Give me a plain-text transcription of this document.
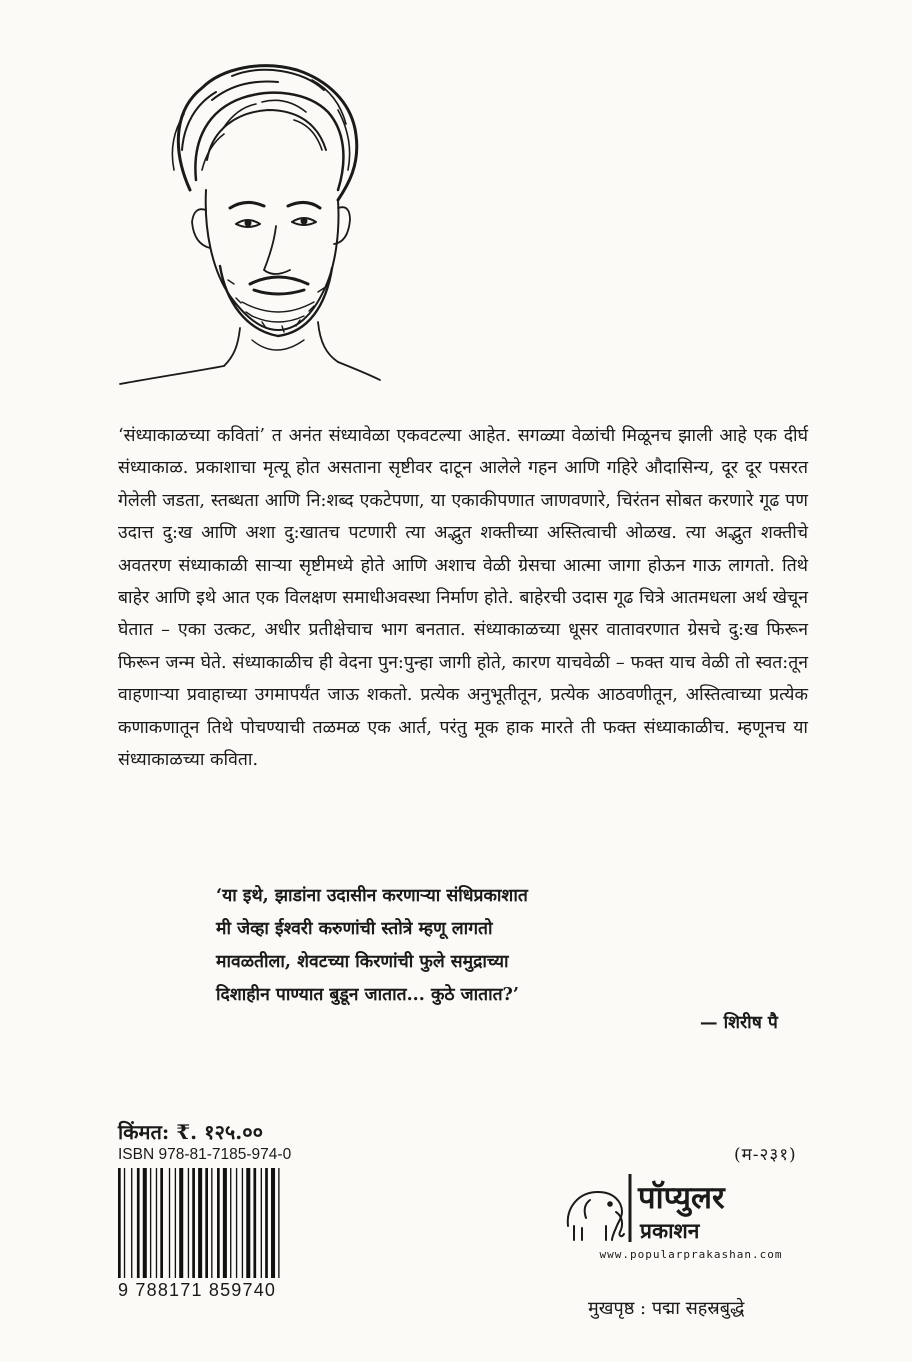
‘संध्याकाळच्या कवितां’ त अनंत संध्यावेळा एकवटल्या आहेत. सगळ्या वेळांची मिळूनच झाली आहे एक दीर्घ संध्याकाळ. प्रकाशाचा मृत्यू होत असताना सृष्टीवर दाटून आलेले गहन आणि गहिरे औदासिन्य, दूर दूर पसरत गेलेली जडता, स्तब्धता आणि नि:शब्द एकटेपणा, या एकाकीपणात जाणवणारे, चिरंतन सोबत करणारे गूढ पण उदात्त दु:ख आणि अशा दु:खातच पटणारी त्या अद्भुत शक्तीच्या अस्तित्वाची ओळख. त्या अद्भुत शक्तीचे अवतरण संध्याकाळी साऱ्या सृष्टीमध्ये होते आणि अशाच वेळी ग्रेसचा आत्मा जागा होऊन गाऊ लागतो. तिथे बाहेर आणि इथे आत एक विलक्षण समाधीअवस्था निर्माण होते. बाहेरची उदास गूढ चित्रे आतमधला अर्थ खेचून घेतात – एका उत्कट, अधीर प्रतीक्षेचाच भाग बनतात. संध्याकाळच्या धूसर वातावरणात ग्रेसचे दु:ख फिरून फिरून जन्म घेते. संध्याकाळीच ही वेदना पुन:पुन्हा जागी होते, कारण याचवेळी – फक्त याच वेळी तो स्वत:तून वाहणाऱ्या प्रवाहाच्या उगमापर्यंत जाऊ शकतो. प्रत्येक अनुभूतीतून, प्रत्येक आठवणीतून, अस्तित्वाच्या प्रत्येक कणाकणातून तिथे पोचण्याची तळमळ एक आर्त, परंतु मूक हाक मारते ती फक्त संध्याकाळीच. म्हणूनच या संध्याकाळच्या कविता.

‘या इथे, झाडांना उदासीन करणाऱ्या संधिप्रकाशात
मी जेव्हा ईश्वरी करुणांची स्तोत्रे म्हणू लागतो
मावळतीला, शेवटच्या किरणांची फुले समुद्राच्या
दिशाहीन पाण्यात बुडून जातात... कुठे जातात?’
— शिरीष पै
किंमत: ₹. १२५.००
ISBN 978-81-7185-974-0
9 788171 859740
(म-२३१)
पॉप्युलर
प्रकाशन
www.popularprakashan.com
मुखपृष्ठ : पद्मा सहस्रबुद्धे
